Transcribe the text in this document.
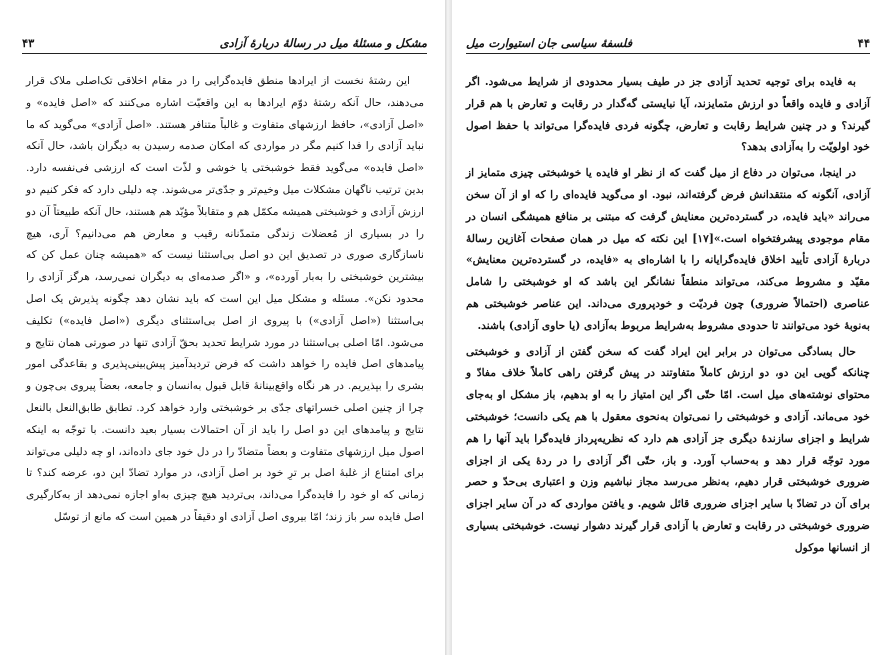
۴۳	مشکل و مسئلهٔ میل در رسالهٔ دربارهٔ آزادی

این رشتهٔ نخست از ایرادها منطق فایده‌گرایی را در مقام اخلاقی تک‌اصلی ملاک قرار می‌دهند، حال آنکه رشتهٔ دوّم ایرادها به این واقعیّت اشاره می‌کنند که «اصل فایده» و «اصل آزادی»، حافظ ارزشهای متفاوت و غالباً متنافر هستند. «اصل آزادی» می‌گوید که ما نباید آزادی را فدا کنیم مگر در مواردی که امکان صدمه رسیدن به دیگران باشد، حال آنکه «اصل فایده» می‌گوید فقط خوشبختی یا خوشی و لذّت است که ارزشی فی‌نفسه دارد. بدین ترتیب ناگهان مشکلات میل وخیم‌تر و جدّی‌تر می‌شوند. چه دلیلی دارد که فکر کنیم دو ارزش آزادی و خوشبختی همیشه مکمّل هم و متقابلاً مؤیّد هم هستند، حال آنکه طبیعتاً آن دو را در بسیاری از مُعضلات زندگی متمدّنانه رقیب و معارض هم می‌دانیم؟ آری، هیچ ناسازگاری صوری در تصدیق این دو اصل بی‌استثنا نیست که «همیشه چنان عمل کن که بیشترین خوشبختی را به‌بار آورده»، و «اگر صدمه‌ای به دیگران نمی‌رسد، هرگز آزادی را محدود نکن». مسئله و مشکل میل این است که باید نشان دهد چگونه پذیرش یک اصل بی‌استثنا («اصل آزادی») با پیروی از اصل بی‌استثنای دیگری («اصل فایده») تکلیف می‌شود. امّا اصلی بی‌استثنا در مورد شرایط تحدید بحقّ آزادی تنها در صورتی همان نتایج و پیامدهای اصل فایده را خواهد داشت که فرض تردیدآمیز پیش‌بینی‌پذیری و بقاعدگی امور بشری را بپذیریم. در هر نگاه واقع‌بینانهٔ قابل قبول به‌انسان و جامعه، بعضاً پیروی بی‌چون و چرا از چنین اصلی خسراتهای جدّی بر خوشبختی وارد خواهد کرد. تطابق طابق‌النعل بالنعل نتایج و پیامدهای این دو اصل را باید از آن احتمالات بسیار بعید دانست. با توجّه به اینکه اصول میل ارزشهای متفاوت و بعضاً متضادّ را در دل خود جای داده‌اند، او چه دلیلی می‌تواند برای امتناع از غلبهٔ اصل بر ترِ خود بر اصل آزادی، در موارد تضادّ این دو، عرضه کند؟ تا زمانی که او خود را فایده‌گرا می‌داند، بی‌تردید هیچ چیزی به‌او اجازه نمی‌دهد از به‌کارگیری اصل فایده سر باز زند؛ امّا بیروی اصل آزادی او دقیقاً در همین است که مانع از توسّل

فلسفهٔ سیاسی جان استیوارت میل	۴۴

به فایده برای توجیه تحدید آزادی جز در طیف بسیار محدودی از شرایط می‌شود. اگر آزادی و فایده واقعاً دو ارزش متمایزند، آیا نبایستی گه‌گدار در رقابت و تعارض با هم قرار گیرند؟ و در چنین شرایط رقابت و تعارض، چگونه فردی فایده‌گرا می‌تواند با حفظ اصول خود اولویّت را به‌آزادی بدهد؟

در اینجا، می‌توان در دفاع از میل گفت که از نظر او فایده یا خوشبختی چیزی متمایز از آزادی، آنگونه که منتقدانش فرض گرفته‌اند، نبود. او می‌گوید فایده‌ای را که او از آن سخن می‌راند «باید فایده، در گسترده‌ترین معنایش گرفت که مبتنی بر منافع همیشگی انسان در مقام موجودی پیشرفتخواه است.»[۱۷] این نکته که میل در همان صفحات آغازین رسالهٔ دربارهٔ آزادی تأیید اخلاق فایده‌گرایانه را با اشاره‌ای به «فایده، در گسترده‌ترین معنایش» مقیّد و مشروط می‌کند، می‌تواند منطقاً نشانگر این باشد که او خوشبختی را شامل عناصری (احتمالاً ضروری) چون فردیّت و خودپروری می‌داند. این عناصر خوشبختی هم به‌نوبهٔ خود می‌توانند تا حدودی مشروط به‌شرایط مربوط به‌آزادی (یا حاوی آزادی) باشند.

حال بسادگی می‌توان در برابر این ایراد گفت که سخن گفتن از آزادی و خوشبختی چنانکه گویی این دو، دو ارزش کاملاً متفاوتند در پیش گرفتن راهی کاملاً خلاف مفادّ و محتوای نوشته‌های میل است. امّا حتّی اگر این امتیاز را به او بدهیم، باز مشکل او به‌جای خود می‌ماند. آزادی و خوشبختی را نمی‌توان به‌نحوی معقول با هم یکی دانست؛ خوشبختی شرایط و اجزای سازندهٔ دیگری جز آزادی هم دارد که نظریه‌پرداز فایده‌گرا باید آنها را هم مورد توجّه قرار دهد و به‌حساب آورد. و باز، حتّی اگر آزادی را در ردهٔ یکی از اجزای ضروری خوشبختی قرار دهیم، به‌نظر می‌رسد مجاز نباشیم وزن و اعتباری بی‌حدّ و حصر برای آن در تضادّ با سایر اجزای ضروری قائل شویم. و یافتن مواردی که در آن سایر اجزای ضروری خوشبختی در رقابت و تعارض با آزادی قرار گیرند دشوار نیست. خوشبختی بسیاری از انسانها موکول
